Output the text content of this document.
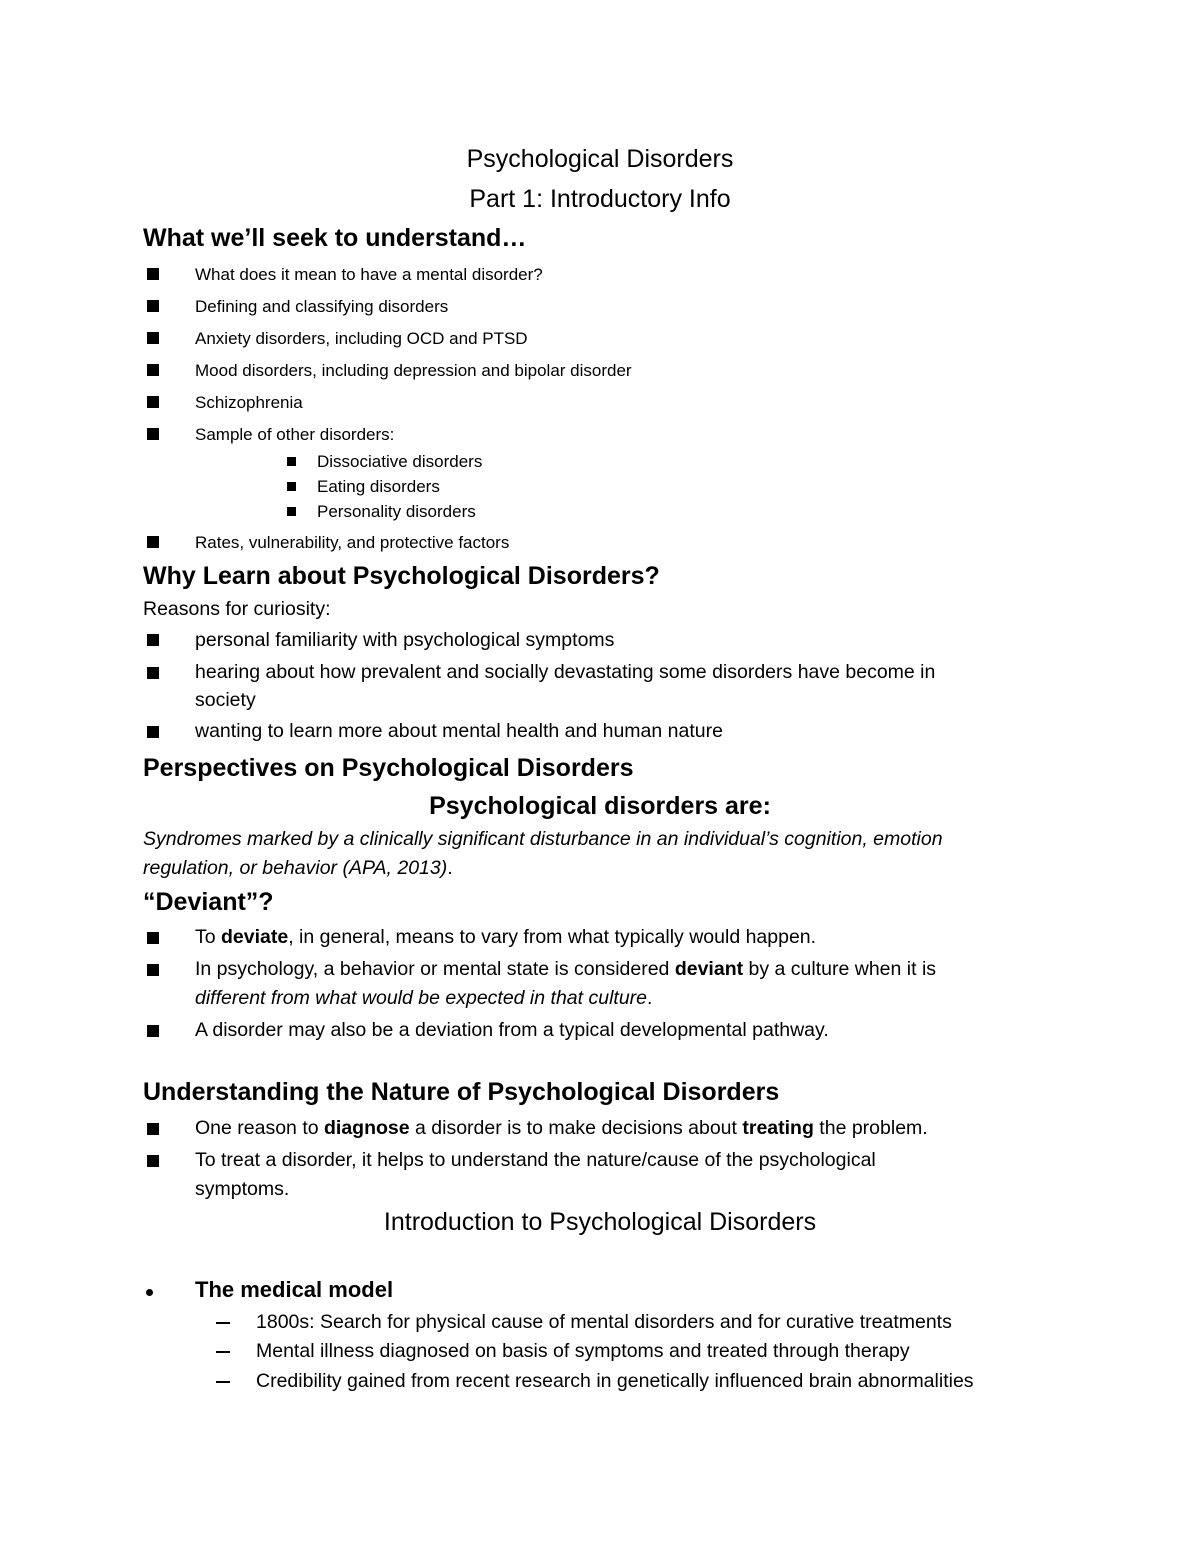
Psychological Disorders
Part 1: Introductory Info
What we’ll seek to understand…
What does it mean to have a mental disorder?
Defining and classifying disorders
Anxiety disorders, including OCD and PTSD
Mood disorders, including depression and bipolar disorder
Schizophrenia
Sample of other disorders:
Dissociative disorders
Eating disorders
Personality disorders
Rates, vulnerability, and protective factors
Why Learn about Psychological Disorders?
Reasons for curiosity:
personal familiarity with psychological symptoms
hearing about how prevalent and socially devastating some disorders have become in
society
wanting to learn more about mental health and human nature
Perspectives on Psychological Disorders
Psychological disorders are:
Syndromes marked by a clinically significant disturbance in an individual’s cognition, emotion
regulation, or behavior (APA, 2013).
“Deviant”?
To deviate, in general, means to vary from what typically would happen.
In psychology, a behavior or mental state is considered deviant by a culture when it is
different from what would be expected in that culture.
A disorder may also be a deviation from a typical developmental pathway.
Understanding the Nature of Psychological Disorders
One reason to diagnose a disorder is to make decisions about treating the problem.
To treat a disorder, it helps to understand the nature/cause of the psychological
symptoms.
Introduction to Psychological Disorders
The medical model
1800s: Search for physical cause of mental disorders and for curative treatments
Mental illness diagnosed on basis of symptoms and treated through therapy
Credibility gained from recent research in genetically influenced brain abnormalities
